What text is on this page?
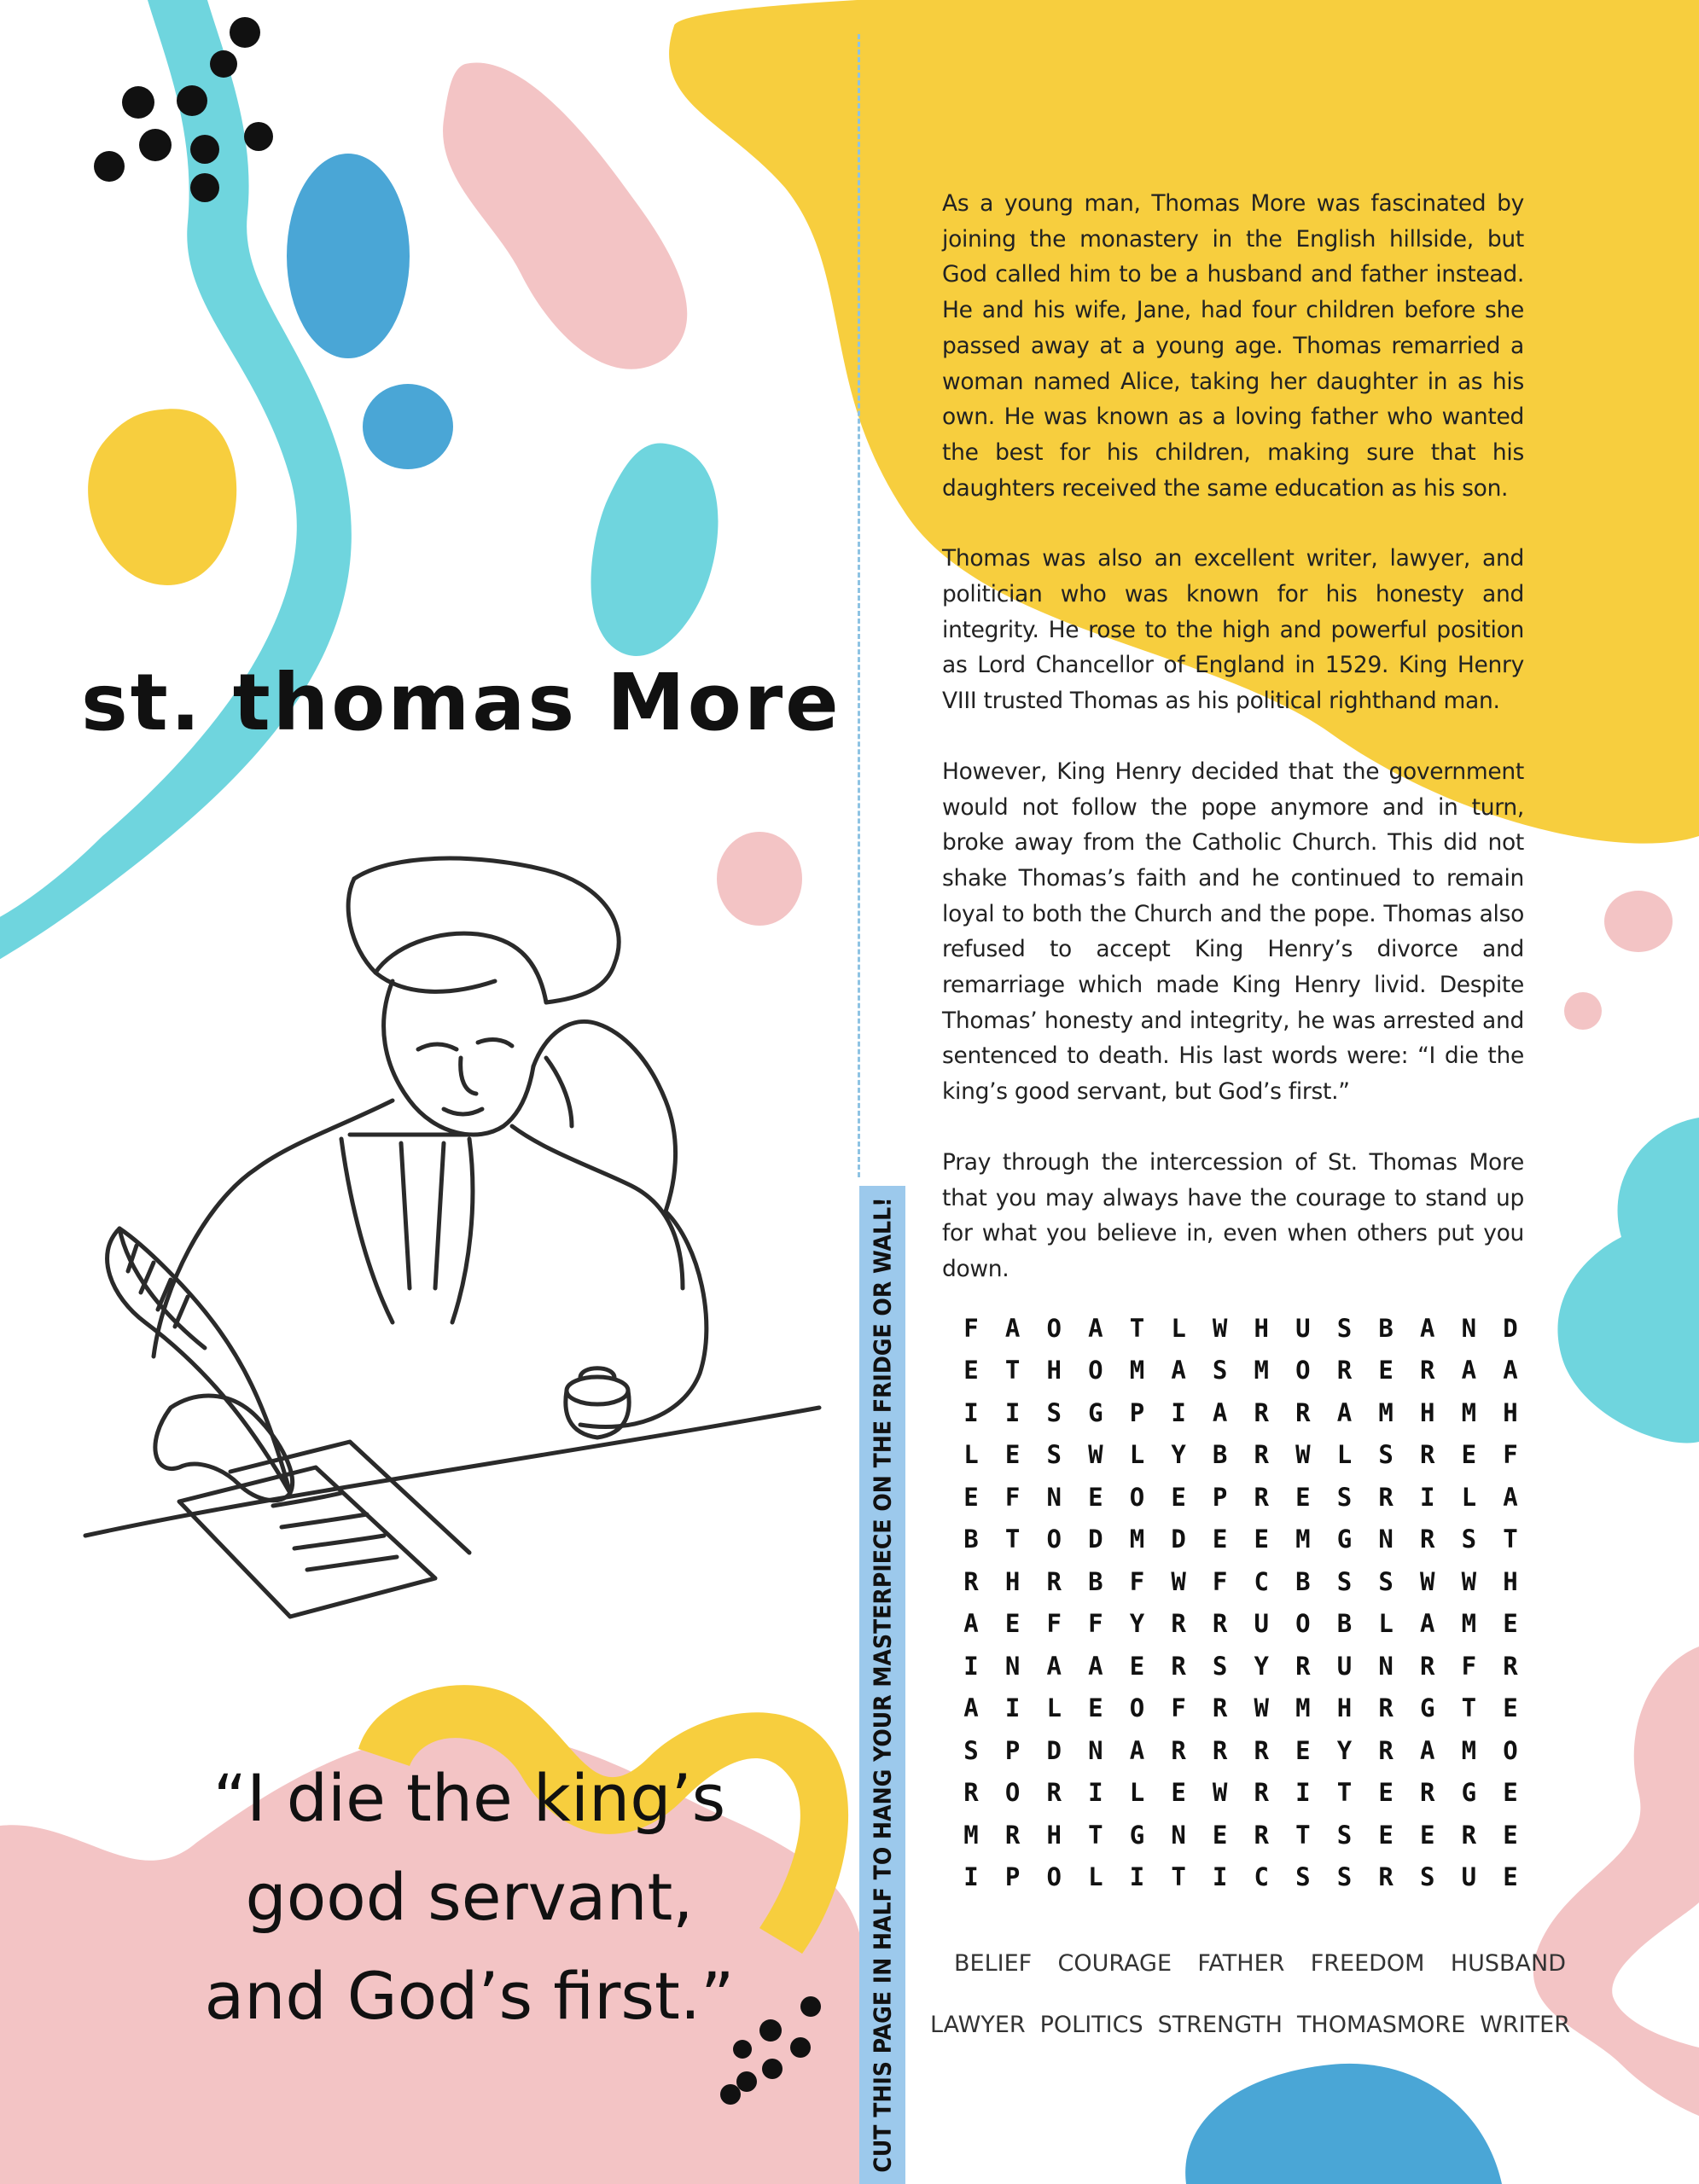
st. thomas More
“I die the king’s
good servant,
and God’s first.”	CUT THIS PAGE IN HALF TO HANG YOUR MASTERPIECE ON THE FRIDGE OR WALL!

As a young man, Thomas More was fascinated by joining the monastery in the English hillside, but God called him to be a husband and father instead. He and his wife, Jane, had four children before she passed away at a young age. Thomas remarried a woman named Alice, taking her daughter in as his own. He was known as a loving father who wanted the best for his children, making sure that his daughters received the same education as his son.

Thomas was also an excellent writer, lawyer, and politician who was known for his honesty and integrity. He rose to the high and powerful position as Lord Chancellor of England in 1529. King Henry VIII trusted Thomas as his political righthand man.

However, King Henry decided that the government would not follow the pope anymore and in turn, broke away from the Catholic Church. This did not shake Thomas’s faith and he continued to remain loyal to both the Church and the pope. Thomas also refused to accept King Henry’s divorce and remarriage which made King Henry livid. Despite Thomas’ honesty and integrity, he was arrested and sentenced to death. His last words were: “I die the king’s good servant, but God’s first.”

Pray through the intercession of St. Thomas More that you may always have the courage to stand up for what you believe in, even when others put you down.

F	A	O	A	T	L	W	H	U	S	B	A	N	D
E	T	H	O	M	A	S	M	O	R	E	R	A	A
I	I	S	G	P	I	A	R	R	A	M	H	M	H
L	E	S	W	L	Y	B	R	W	L	S	R	E	F
E	F	N	E	O	E	P	R	E	S	R	I	L	A
B	T	O	D	M	D	E	E	M	G	N	R	S	T
R	H	R	B	F	W	F	C	B	S	S	W	W	H
A	E	F	F	Y	R	R	U	O	B	L	A	M	E
I	N	A	A	E	R	S	Y	R	U	N	R	F	R
A	I	L	E	O	F	R	W	M	H	R	G	T	E
S	P	D	N	A	R	R	R	E	Y	R	A	M	O
R	O	R	I	L	E	W	R	I	T	E	R	G	E
M	R	H	T	G	N	E	R	T	S	E	E	R	E
I	P	O	L	I	T	I	C	S	S	R	S	U	E
BELIEF COURAGE FATHER FREEDOM HUSBAND
LAWYER POLITICS STRENGTH THOMASMORE WRITER
